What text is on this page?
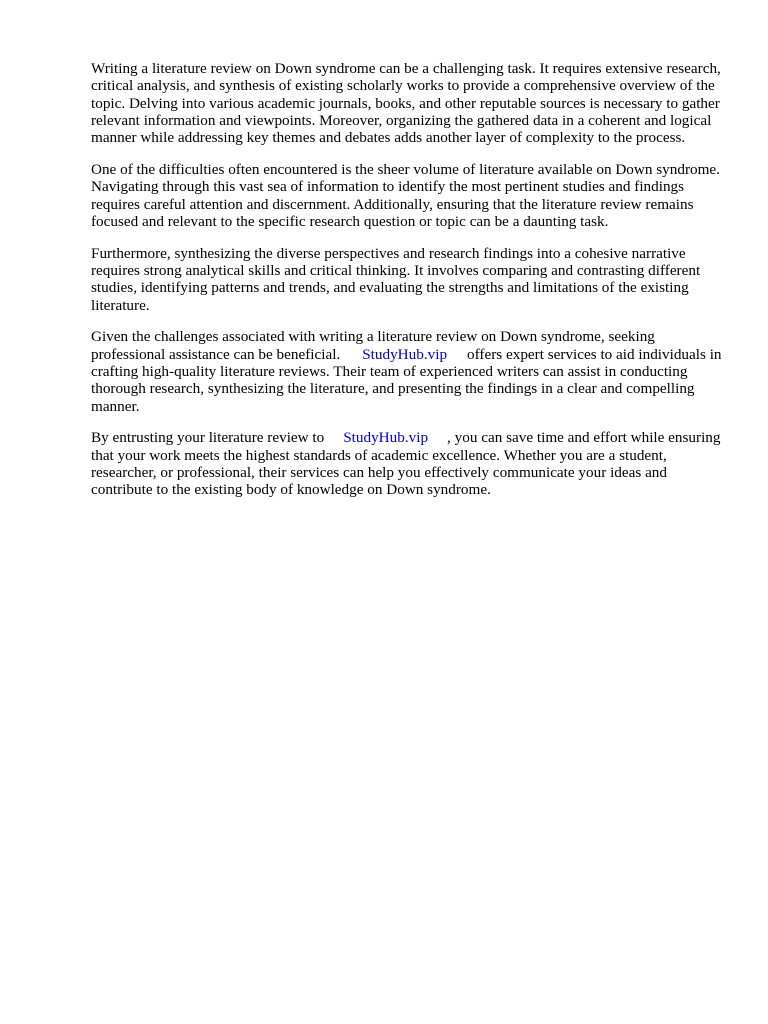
Writing a literature review on Down syndrome can be a challenging task. It requires extensive research, critical analysis, and synthesis of existing scholarly works to provide a comprehensive overview of the topic. Delving into various academic journals, books, and other reputable sources is necessary to gather relevant information and viewpoints. Moreover, organizing the gathered data in a coherent and logical manner while addressing key themes and debates adds another layer of complexity to the process.

One of the difficulties often encountered is the sheer volume of literature available on Down syndrome. Navigating through this vast sea of information to identify the most pertinent studies and findings requires careful attention and discernment. Additionally, ensuring that the literature review remains focused and relevant to the specific research question or topic can be a daunting task.

Furthermore, synthesizing the diverse perspectives and research findings into a cohesive narrative requires strong analytical skills and critical thinking. It involves comparing and contrasting different studies, identifying patterns and trends, and evaluating the strengths and limitations of the existing literature.

Given the challenges associated with writing a literature review on Down syndrome, seeking professional assistance can be beneficial. StudyHub.vip offers expert services to aid individuals in crafting high-quality literature reviews. Their team of experienced writers can assist in conducting thorough research, synthesizing the literature, and presenting the findings in a clear and compelling manner.

By entrusting your literature review to StudyHub.vip , you can save time and effort while ensuring that your work meets the highest standards of academic excellence. Whether you are a student, researcher, or professional, their services can help you effectively communicate your ideas and contribute to the existing body of knowledge on Down syndrome.
